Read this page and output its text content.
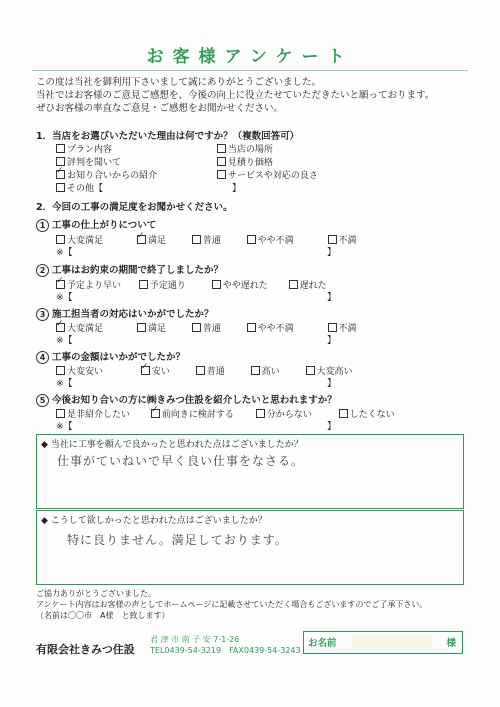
お客様アンケート
この度は当社を御利用下さいまして誠にありがとうございました。
当社ではお客様のご意見ご感想を、今後の向上に役立たせていただきたいと願っております。
ぜひお客様の率直なご意見・ご感想をお聞かせください。
1．当店をお選びいただいた理由は何ですか？（複数回答可）
プラン内容	当店の場所
評判を聞いて	見積り価格
✓お知り合いからの紹介	サービスや対応の良さ
その他【	】
2．今回の工事の満足度をお聞かせください。
1 工事の仕上がりについて
大変満足 ✓	満足	普通	やや不満	不満
※【	】
2 工事はお約束の期間で終了しましたか？
✓予定より早い	予定通り	やや遅れた	遅れた
※【	】
3 施工担当者の対応はいかがでしたか？
✓大変満足	満足	普通	やや不満	不満
※【	】
4 工事の金額はいかがでしたか？
大変安い ✓	安い	普通	高い	大変高い
※【	】
5 今後お知り合いの方に㈱きみつ住設を紹介したいと思われますか？
是非紹介したい ✓	前向きに検討する	分からない	したくない
※【	】
◆ 当社に工事を頼んで良かったと思われた点はございましたか？
仕事がていねいで早く良い仕事をなさる。
◆ こうして欲しかったと思われた点はございましたか？
特に良りません。満足しております。
ご協力ありがとうございました。
アンケート内容はお客様の声としてホームページに記載させていただく場合もございますのでご了承下さい。
（名前は〇〇市　A様　と致します）
有限会社きみつ住設
君 津 市 南 子 安 7-1-26
TEL0439-54-3219　FAX0439-54-3243
お名前	様
